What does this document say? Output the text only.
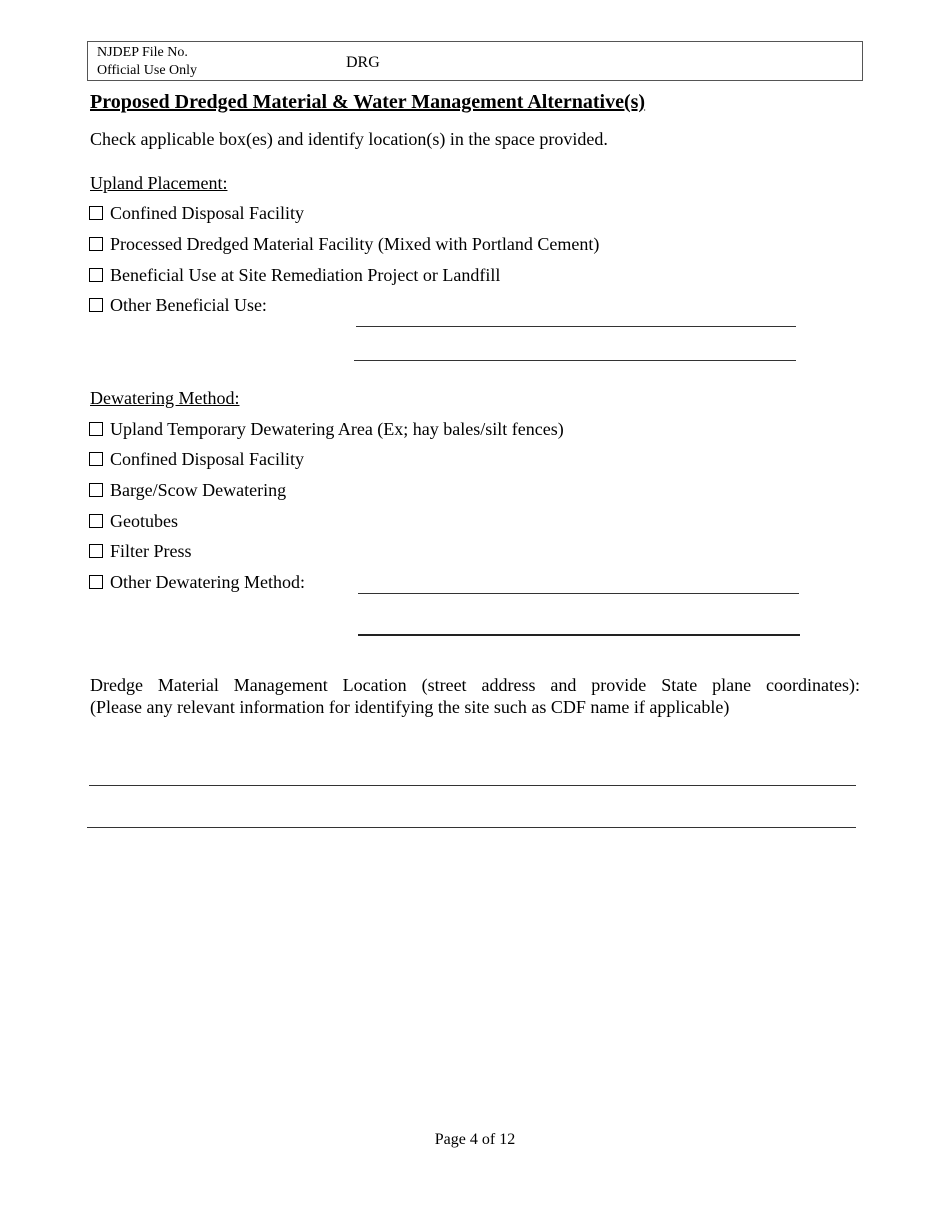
NJDEP File No.
Official Use Only	DRG
Proposed Dredged Material & Water Management Alternative(s)
Check applicable box(es) and identify location(s) in the space provided.
Upland Placement:
Confined Disposal Facility
Processed Dredged Material Facility (Mixed with Portland Cement)
Beneficial Use at Site Remediation Project or Landfill
Other Beneficial Use:
Dewatering Method:
Upland Temporary Dewatering Area (Ex; hay bales/silt fences)
Confined Disposal Facility
Barge/Scow Dewatering
Geotubes
Filter Press
Other Dewatering Method:
Dredge Material Management Location (street address and provide State plane coordinates):
(Please any relevant information for identifying the site such as CDF name if applicable)
Page 4 of 12
